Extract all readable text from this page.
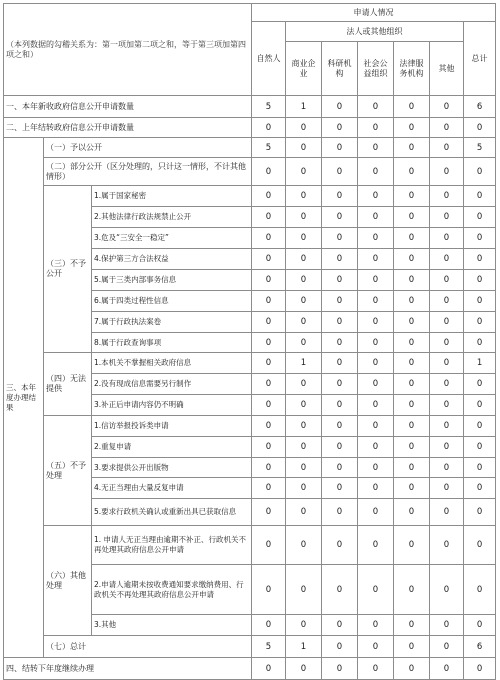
（本列数据的勾稽关系为：第一项加第二项之和，等于第三项加第四项之和）			申请人情况						
			自然人	法人或其他组织					总计
				商业企业	科研机构	社会公益组织	法律服务机构	其他	
一、本年新收政府信息公开申请数量			5	1	0	0	0	0	6
二、上年结转政府信息公开申请数量			0	0	0	0	0	0	0
三、本年度办理结果	（一）予以公开		5	0	0	0	0	0	5
	（二）部分公开（区分处理的，只计这一情形，不计其他情形）		0	0	0	0	0	0	0
	（三）不予公开	1.属于国家秘密	0	0	0	0	0	0	0
		2.其他法律行政法规禁止公开	0	0	0	0	0	0	0
		3.危及“三安全一稳定”	0	0	0	0	0	0	0
		4.保护第三方合法权益	0	0	0	0	0	0	0
		5.属于三类内部事务信息	0	0	0	0	0	0	0
		6.属于四类过程性信息	0	0	0	0	0	0	0
		7.属于行政执法案卷	0	0	0	0	0	0	0
		8.属于行政查询事项	0	0	0	0	0	0	0
	（四）无法提供	1.本机关不掌握相关政府信息	0	1	0	0	0	0	1
		2.没有现成信息需要另行制作	0	0	0	0	0	0	0
		3.补正后申请内容仍不明确	0	0	0	0	0	0	0
	（五）不予处理	1.信访举报投诉类申请	0	0	0	0	0	0	0
		2.重复申请	0	0	0	0	0	0	0
		3.要求提供公开出版物	0	0	0	0	0	0	0
		4.无正当理由大量反复申请	0	0	0	0	0	0	0
		5.要求行政机关确认或重新出具已获取信息	0	0	0	0	0	0	0
	（六）其他处理	1. 申请人无正当理由逾期不补正、行政机关不再处理其政府信息公开申请	0	0	0	0	0	0	0
		2.申请人逾期未按收费通知要求缴纳费用、行政机关不再处理其政府信息公开申请	0	0	0	0	0	0	0
		3.其他	0	0	0	0	0	0	0
	（七）总计		5	1	0	0	0	0	6
四、结转下年度继续办理			0	0	0	0	0	0	0
